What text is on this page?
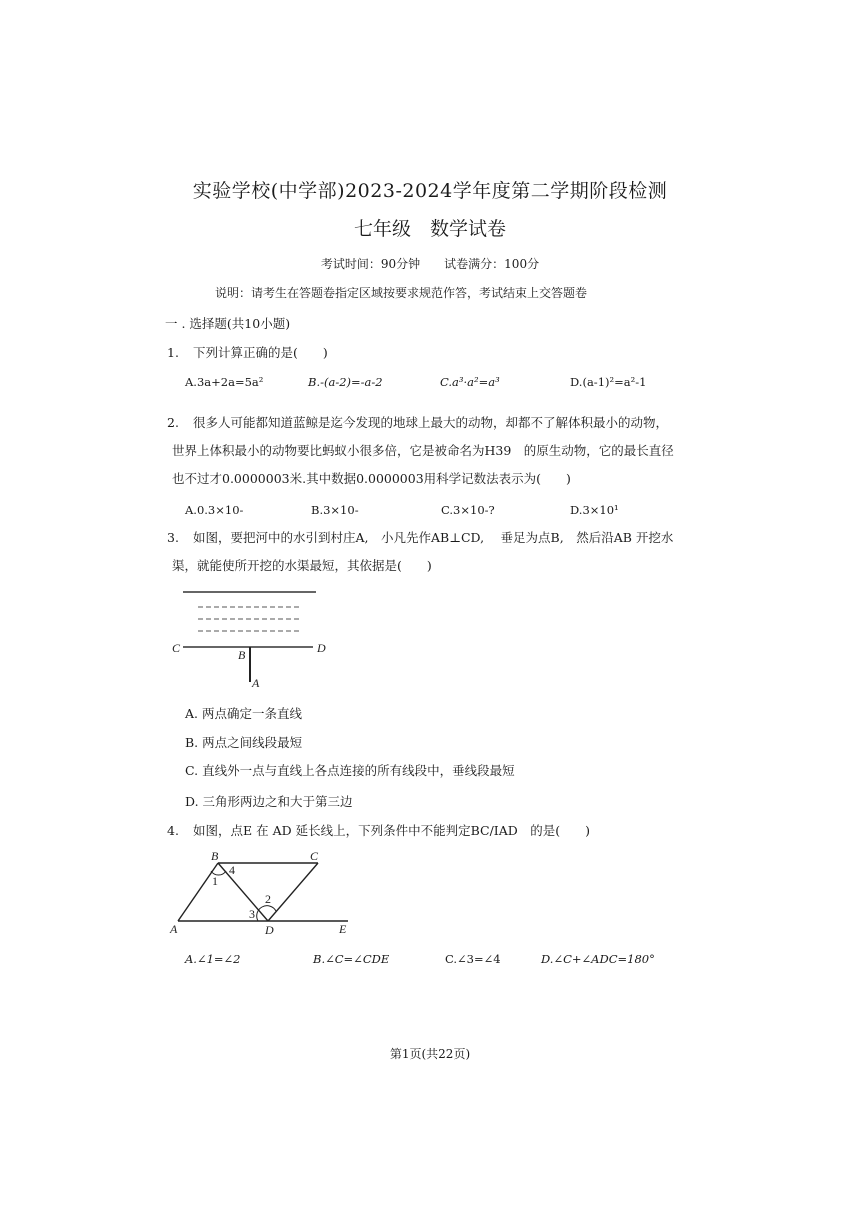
实验学校(中学部)2023-2024学年度第二学期阶段检测
七年级　数学试卷
考试时间：90分钟　　试卷满分：100分
说明：请考生在答题卷指定区域按要求规范作答，考试结束上交答题卷
一 . 选择题(共10小题)
1. 下列计算正确的是(　　)
A.3a+2a=5a²	B.-(a-2)=-a-2	C.a³·a²=a³	D.(a-1)²=a²-1
2. 很多人可能都知道蓝鲸是迄今发现的地球上最大的动物，却都不了解体积最小的动物，
世界上体积最小的动物要比蚂蚁小很多倍，它是被命名为H39　的原生动物，它的最长直径
也不过才0.0000003米.其中数据0.0000003用科学记数法表示为(　　)
A.0.3×10-	B.3×10-	C.3×10-?	D.3×10¹
3. 如图，要把河中的水引到村庄A,　小凡先作AB⊥CD,　 垂足为点B,　然后沿AB 开挖水
渠，就能使所开挖的水渠最短，其依据是(　　)
C	B	D
A
A. 两点确定一条直线
B. 两点之间线段最短
C. 直线外一点与直线上各点连接的所有线段中，垂线段最短
D. 三角形两边之和大于第三边
4. 如图，点E 在 AD 延长线上，下列条件中不能判定BC/IAD　的是(　　)
B	C
A	D	E
1
2
3
4
A.∠1=∠2	B.∠C=∠CDE	C.∠3=∠4	D.∠C+∠ADC=180°
第1页(共22页)
